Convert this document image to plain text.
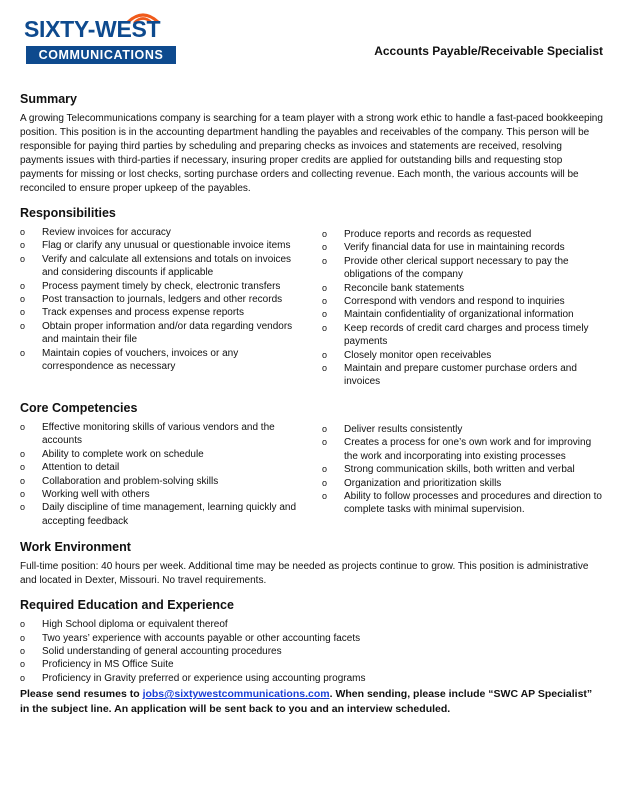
SIXTY-WEST
COMMUNICATIONS	Accounts Payable/Receivable Specialist
Summary

A growing Telecommunications company is searching for a team player with a strong work ethic to handle a fast-paced bookkeeping position. This position is in the accounting department handling the payables and receivables of the company. This person will be responsible for paying third parties by scheduling and preparing checks as invoices and statements are received, resolving payments issues with third-parties if necessary, insuring proper credits are applied for outstanding bills and requesting stop payments for missing or lost checks, sorting purchase orders and collecting revenue. Each month, the various accounts will be reconciled to ensure proper upkeep of the payables.

Responsibilities
o Review invoices for accuracy
o Flag or clarify any unusual or questionable invoice items
o Verify and calculate all extensions and totals on invoices and considering discounts if applicable
o Process payment timely by check, electronic transfers
o Post transaction to journals, ledgers and other records
o Track expenses and process expense reports
o Obtain proper information and/or data regarding vendors and maintain their file
o Maintain copies of vouchers, invoices or any correspondence as necessary
o Produce reports and records as requested
o Verify financial data for use in maintaining records
o Provide other clerical support necessary to pay the obligations of the company
o Reconcile bank statements
o Correspond with vendors and respond to inquiries
o Maintain confidentiality of organizational information
o Keep records of credit card charges and process timely payments
o Closely monitor open receivables
o Maintain and prepare customer purchase orders and invoices
Core Competencies
o Effective monitoring skills of various vendors and the accounts
o Ability to complete work on schedule
o Attention to detail
o Collaboration and problem-solving skills
o Working well with others
o Daily discipline of time management, learning quickly and accepting feedback
o Deliver results consistently
o Creates a process for one’s own work and for improving the work and incorporating into existing processes
o Strong communication skills, both written and verbal
o Organization and prioritization skills
o Ability to follow processes and procedures and direction to complete tasks with minimal supervision.
Work Environment

Full-time position: 40 hours per week. Additional time may be needed as projects continue to grow. This position is administrative and located in Dexter, Missouri. No travel requirements.

Required Education and Experience
o High School diploma or equivalent thereof
o Two years’ experience with accounts payable or other accounting facets
o Solid understanding of general accounting procedures
o Proficiency in MS Office Suite
o Proficiency in Gravity preferred or experience using accounting programs
Please send resumes to jobs@sixtywestcommunications.com. When sending, please include “SWC AP Specialist” in the subject line. An application will be sent back to you and an interview scheduled.
